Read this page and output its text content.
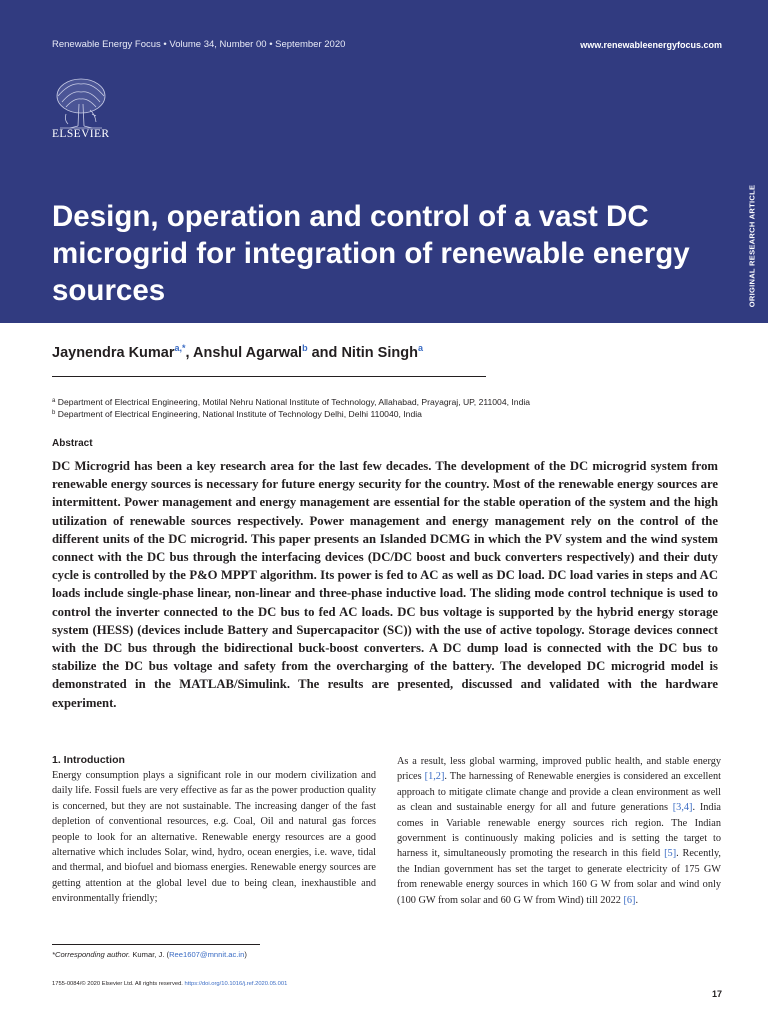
Renewable Energy Focus • Volume 34, Number 00 • September 2020	www.renewableenergyfocus.com
ELSEVIER
Design, operation and control of a vast DC microgrid for integration of renewable energy sources	ORIGINAL RESEARCH ARTICLE
Jaynendra Kumar$^{a,*}$, Anshul Agarwal$^b$ and Nitin Singh$^a$
$^a$ Department of Electrical Engineering, Motilal Nehru National Institute of Technology, Allahabad, Prayagraj, UP, 211004, India
$^b$ Department of Electrical Engineering, National Institute of Technology Delhi, Delhi 110040, India
Abstract

DC Microgrid has been a key research area for the last few decades. The development of the DC microgrid system from renewable energy sources is necessary for future energy security for the country. Most of the renewable energy sources are intermittent. Power management and energy management are essential for the stable operation of the system and the high utilization of renewable sources respectively. Power management and energy management rely on the control of the different units of the DC microgrid. This paper presents an Islanded DCMG in which the PV system and the wind system connect with the DC bus through the interfacing devices (DC/DC boost and buck converters respectively) and their duty cycle is controlled by the P&O MPPT algorithm. Its power is fed to AC as well as DC load. DC load varies in steps and AC loads include single-phase linear, non-linear and three-phase inductive load. The sliding mode control technique is used to control the inverter connected to the DC bus to fed AC loads. DC bus voltage is supported by the hybrid energy storage system (HESS) (devices include Battery and Supercapacitor (SC)) with the use of active topology. Storage devices connect with the DC bus through the bidirectional buck-boost converters. A DC dump load is connected with the DC bus to stabilize the DC bus voltage and safety from the overcharging of the battery. The developed DC microgrid model is demonstrated in the MATLAB/Simulink. The results are presented, discussed and validated with the hardware experiment.

1. Introduction

Energy consumption plays a significant role in our modern civilization and daily life. Fossil fuels are very effective as far as the power production quality is concerned, but they are not sustainable. The increasing danger of the fast depletion of conventional resources, e.g. Coal, Oil and natural gas forces people to look for an alternative. Renewable energy resources are a good alternative which includes Solar, wind, hydro, ocean energies, i.e. wave, tidal and thermal, and biofuel and biomass energies. Renewable energy sources are getting attention at the global level due to being clean, inexhaustible and environmentally friendly;

As a result, less global warming, improved public health, and stable energy prices [1,2]. The harnessing of Renewable energies is considered an excellent approach to mitigate climate change and provide a clean environment as well as clean and sustainable energy for all and future generations [3,4]. India comes in Variable renewable energy sources rich region. The Indian government is continuously making policies and is setting the target to harness it, simultaneously promoting the research in this field [5]. Recently, the Indian government has set the target to generate electricity of 175 GW from renewable energy sources in which 160 G W from solar and wind only (100 GW from solar and 60 G W from Wind) till 2022 [6].

*Corresponding author. Kumar, J. (Ree1607@mnnit.ac.in)
1755-0084/© 2020 Elsevier Ltd. All rights reserved. https://doi.org/10.1016/j.ref.2020.05.001
17
